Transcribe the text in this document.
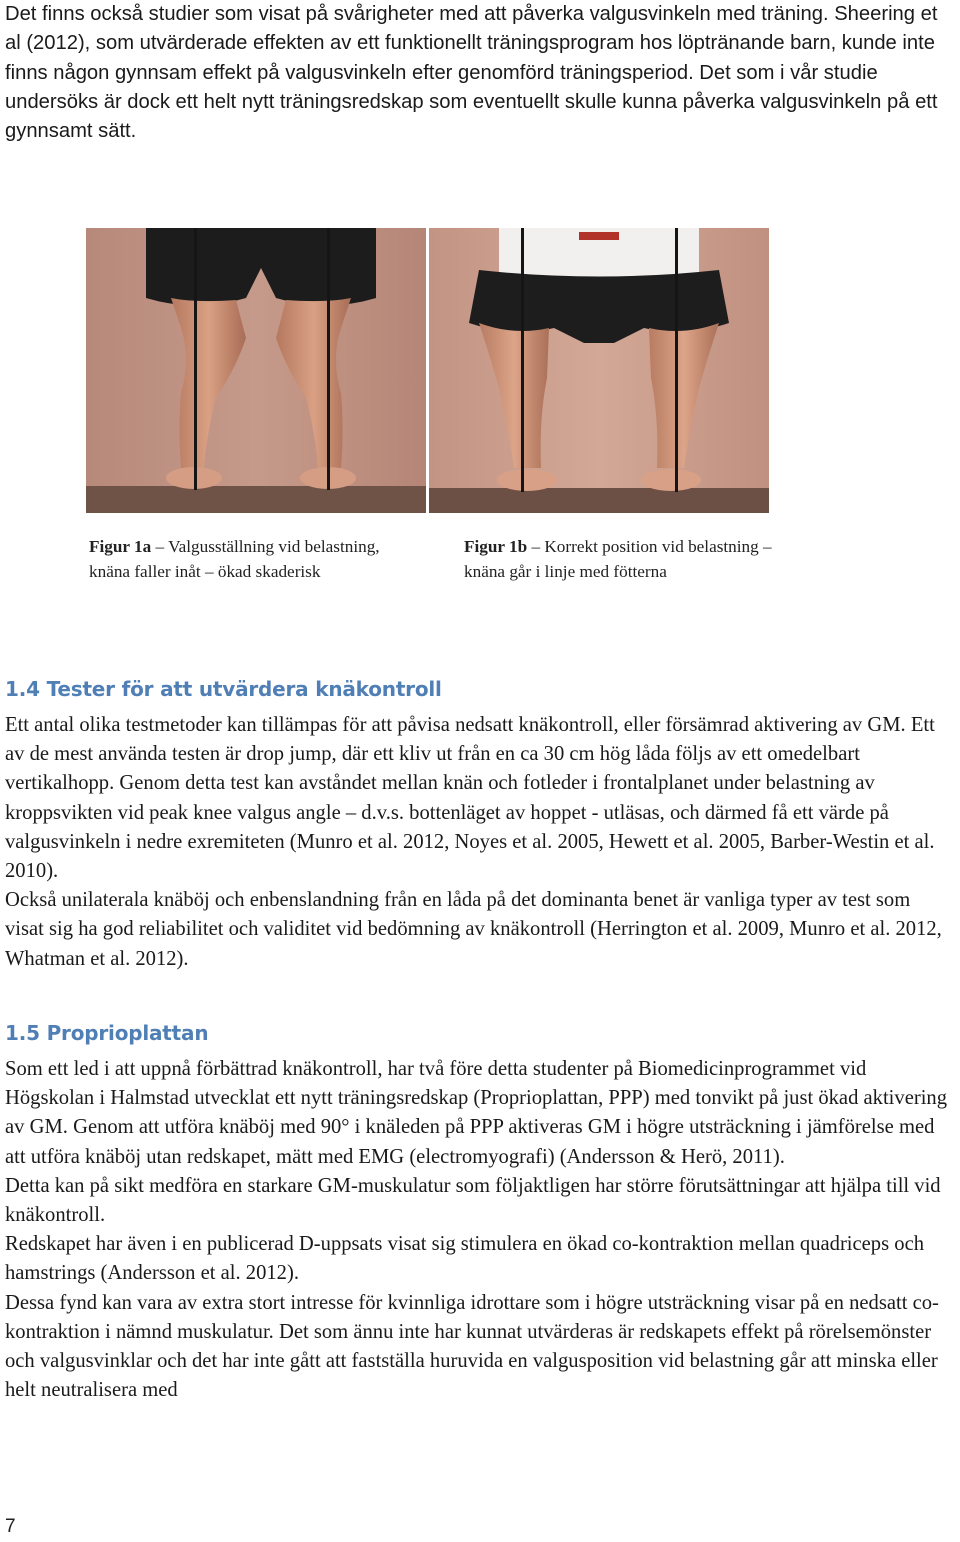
Det finns också studier som visat på svårigheter med att påverka valgusvinkeln med träning. Sheering et al (2012), som utvärderade effekten av ett funktionellt träningsprogram hos löptränande barn, kunde inte finns någon gynnsam effekt på valgusvinkeln efter genomförd träningsperiod. Det som i vår studie undersöks är dock ett helt nytt träningsredskap som eventuellt skulle kunna påverka valgusvinkeln på ett gynnsamt sätt.

Figur 1a – Valgusställning vid belastning, knäna faller inåt – ökad skaderisk

Figur 1b – Korrekt position vid belastning – knäna går i linje med fötterna

1.4 Tester för att utvärdera knäkontroll

Ett antal olika testmetoder kan tillämpas för att påvisa nedsatt knäkontroll, eller försämrad aktivering av GM. Ett av de mest använda testen är drop jump, där ett kliv ut från en ca 30 cm hög låda följs av ett omedelbart vertikalhopp. Genom detta test kan avståndet mellan knän och fotleder i frontalplanet under belastning av kroppsvikten vid peak knee valgus angle – d.v.s. bottenläget av hoppet - utläsas, och därmed få ett värde på valgusvinkeln i nedre exremiteten (Munro et al. 2012, Noyes et al. 2005, Hewett et al. 2005, Barber-Westin et al. 2010).

Också unilaterala knäböj och enbenslandning från en låda på det dominanta benet är vanliga typer av test som visat sig ha god reliabilitet och validitet vid bedömning av knäkontroll (Herrington et al. 2009, Munro et al. 2012, Whatman et al. 2012).

1.5 Proprioplattan

Som ett led i att uppnå förbättrad knäkontroll, har två före detta studenter på Biomedicinprogrammet vid Högskolan i Halmstad utvecklat ett nytt träningsredskap (Proprioplattan, PPP) med tonvikt på just ökad aktivering av GM. Genom att utföra knäböj med 90° i knäleden på PPP aktiveras GM i högre utsträckning i jämförelse med att utföra knäböj utan redskapet, mätt med EMG (electromyografi) (Andersson & Herö, 2011).

Detta kan på sikt medföra en starkare GM-muskulatur som följaktligen har större förutsättningar att hjälpa till vid knäkontroll.

Redskapet har även i en publicerad D-uppsats visat sig stimulera en ökad co-kontraktion mellan quadriceps och hamstrings (Andersson et al. 2012).

Dessa fynd kan vara av extra stort intresse för kvinnliga idrottare som i högre utsträckning visar på en nedsatt co-kontraktion i nämnd muskulatur. Det som ännu inte har kunnat utvärderas är redskapets effekt på rörelsemönster och valgusvinklar och det har inte gått att fastställa huruvida en valgusposition vid belastning går att minska eller helt neutralisera med

7
